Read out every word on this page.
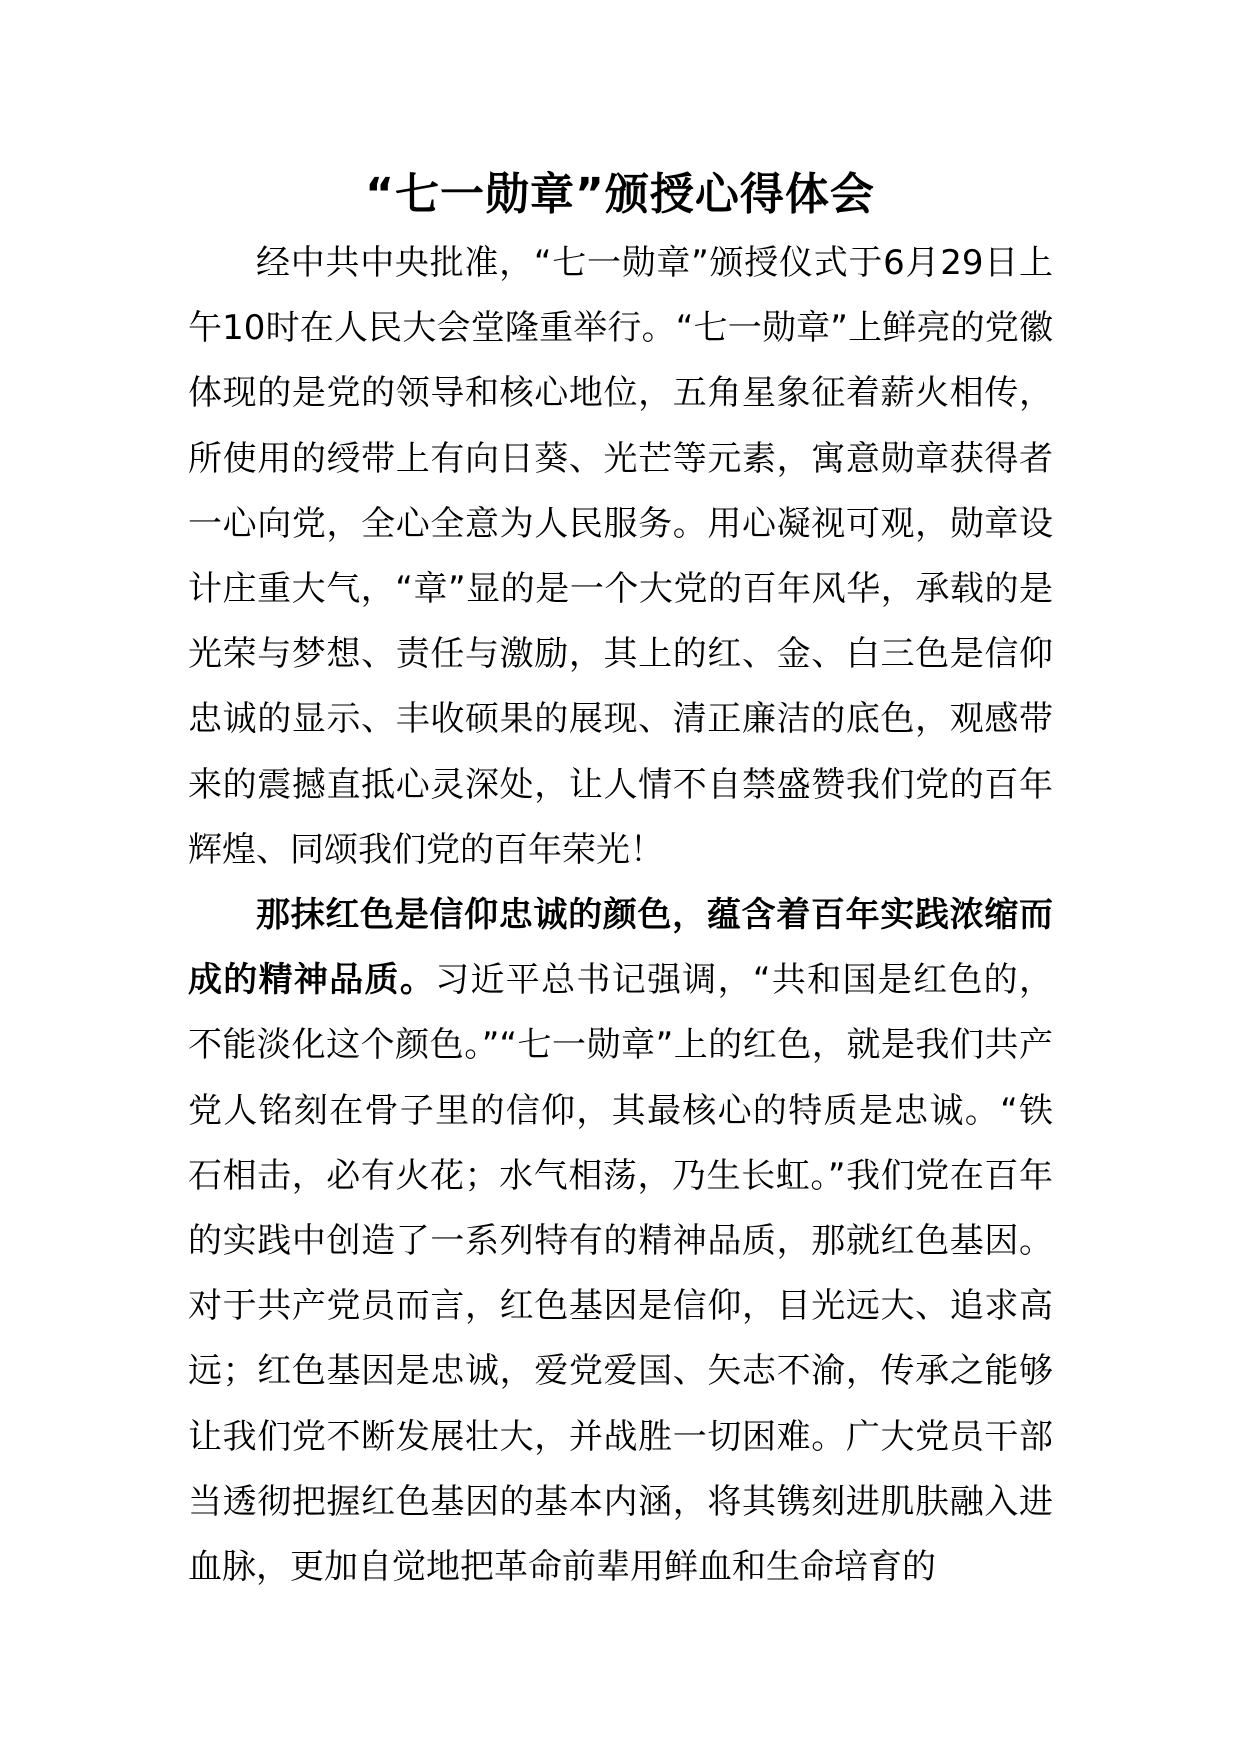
“七一勋章”颁授心得体会

经中共中央批准，“七一勋章”颁授仪式于6月29日上午10时在人民大会堂隆重举行。“七一勋章”上鲜亮的党徽体现的是党的领导和核心地位，五角星象征着薪火相传，所使用的绶带上有向日葵、光芒等元素，寓意勋章获得者一心向党，全心全意为人民服务。用心凝视可观，勋章设计庄重大气，“章”显的是一个大党的百年风华，承载的是光荣与梦想、责任与激励，其上的红、金、白三色是信仰忠诚的显示、丰收硕果的展现、清正廉洁的底色，观感带来的震撼直抵心灵深处，让人情不自禁盛赞我们党的百年辉煌、同颂我们党的百年荣光！

那抹红色是信仰忠诚的颜色，蕴含着百年实践浓缩而成的精神品质。习近平总书记强调，“共和国是红色的，不能淡化这个颜色。”“七一勋章”上的红色，就是我们共产党人铭刻在骨子里的信仰，其最核心的特质是忠诚。“铁石相击，必有火花；水气相荡，乃生长虹。”我们党在百年的实践中创造了一系列特有的精神品质，那就红色基因。对于共产党员而言，红色基因是信仰，目光远大、追求高远；红色基因是忠诚，爱党爱国、矢志不渝，传承之能够让我们党不断发展壮大，并战胜一切困难。广大党员干部当透彻把握红色基因的基本内涵，将其镌刻进肌肤融入进血脉，更加自觉地把革命前辈用鲜血和生命培育的
